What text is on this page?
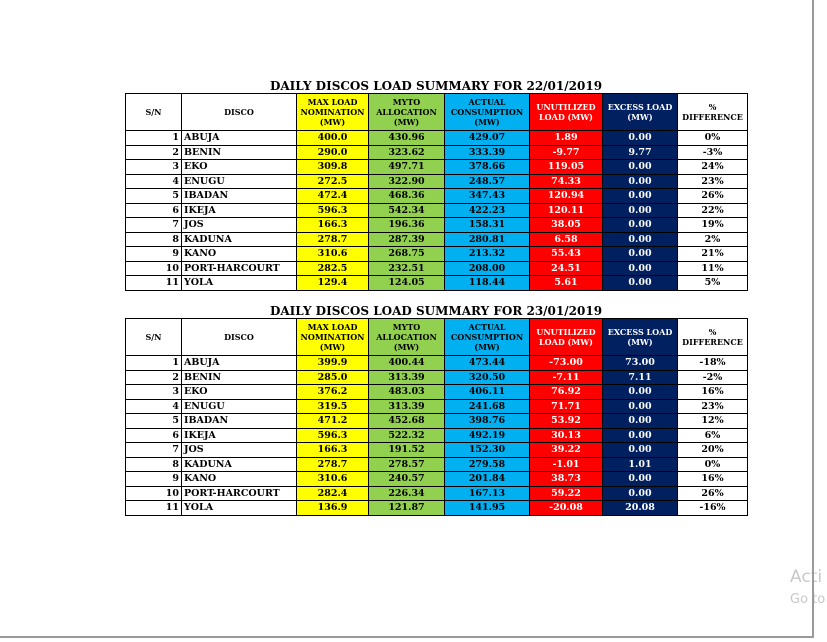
DAILY DISCOS LOAD SUMMARY FOR 22/01/2019
S/N	DISCO	MAX LOAD NOMINATION (MW)	MYTO ALLOCATION (MW)	ACTUAL CONSUMPTION (MW)	UNUTILIZED LOAD (MW)	EXCESS LOAD (MW)	% DIFFERENCE
1	ABUJA	400.0	430.96	429.07	1.89	0.00	0%
2	BENIN	290.0	323.62	333.39	-9.77	9.77	-3%
3	EKO	309.8	497.71	378.66	119.05	0.00	24%
4	ENUGU	272.5	322.90	248.57	74.33	0.00	23%
5	IBADAN	472.4	468.36	347.43	120.94	0.00	26%
6	IKEJA	596.3	542.34	422.23	120.11	0.00	22%
7	JOS	166.3	196.36	158.31	38.05	0.00	19%
8	KADUNA	278.7	287.39	280.81	6.58	0.00	2%
9	KANO	310.6	268.75	213.32	55.43	0.00	21%
10	PORT-HARCOURT	282.5	232.51	208.00	24.51	0.00	11%
11	YOLA	129.4	124.05	118.44	5.61	0.00	5%
DAILY DISCOS LOAD SUMMARY FOR 23/01/2019
S/N	DISCO	MAX LOAD NOMINATION (MW)	MYTO ALLOCATION (MW)	ACTUAL CONSUMPTION (MW)	UNUTILIZED LOAD (MW)	EXCESS LOAD (MW)	% DIFFERENCE
1	ABUJA	399.9	400.44	473.44	-73.00	73.00	-18%
2	BENIN	285.0	313.39	320.50	-7.11	7.11	-2%
3	EKO	376.2	483.03	406.11	76.92	0.00	16%
4	ENUGU	319.5	313.39	241.68	71.71	0.00	23%
5	IBADAN	471.2	452.68	398.76	53.92	0.00	12%
6	IKEJA	596.3	522.32	492.19	30.13	0.00	6%
7	JOS	166.3	191.52	152.30	39.22	0.00	20%
8	KADUNA	278.7	278.57	279.58	-1.01	1.01	0%
9	KANO	310.6	240.57	201.84	38.73	0.00	16%
10	PORT-HARCOURT	282.4	226.34	167.13	59.22	0.00	26%
11	YOLA	136.9	121.87	141.95	-20.08	20.08	-16%
Acti
Go to
